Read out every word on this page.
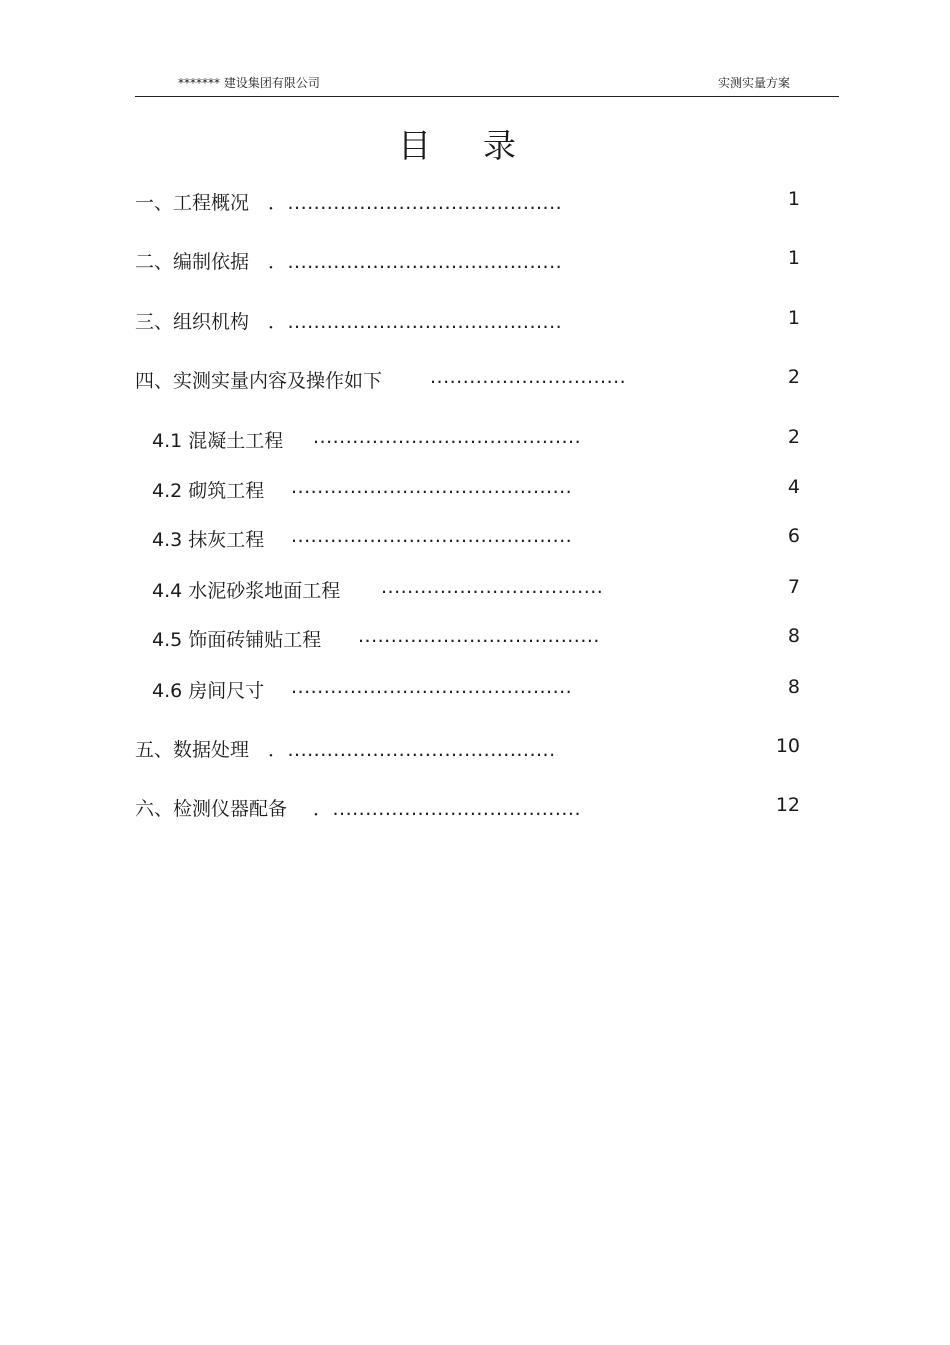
******* 建设集团有限公司	实测实量方案
目录
一、工程概况 ．..........................................	1
二、编制依据 ．..........................................	1
三、组织机构 ．..........................................	1
四、实测实量内容及操作如下	..............................	2
4.1 混凝土工程 .........................................	2
4.2 砌筑工程 ...........................................	4
4.3 抹灰工程 ...........................................	6
4.4 水泥砂浆地面工程 ..................................	7
4.5 饰面砖铺贴工程 .....................................	8
4.6 房间尺寸 ...........................................	8
五、数据处理 ．.........................................	10
六、检测仪器配备 ．......................................	12
